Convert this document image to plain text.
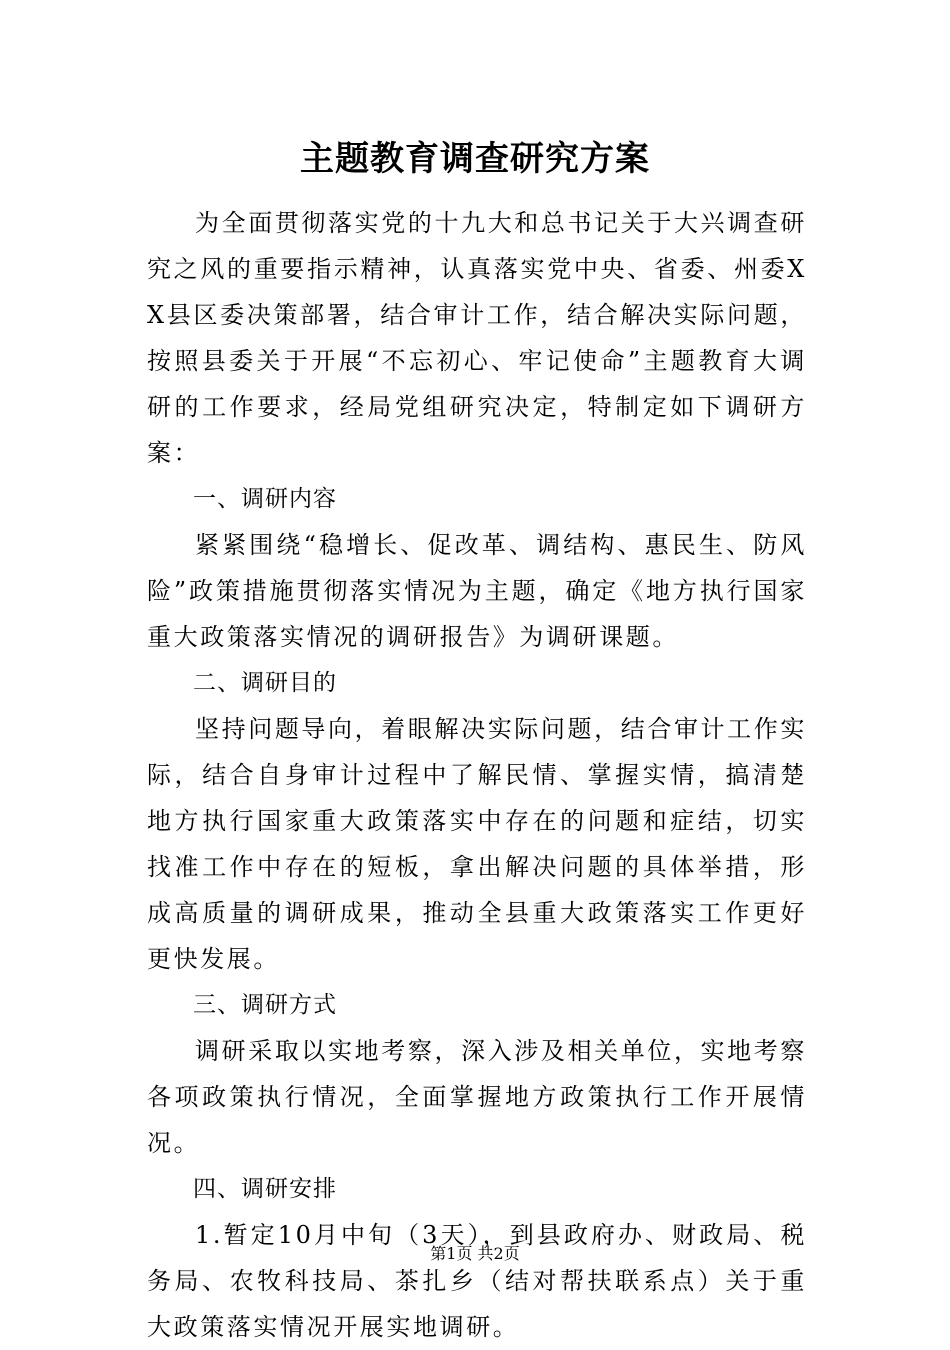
主题教育调查研究方案

为全面贯彻落实党的十九大和总书记关于大兴调查研究之风的重要指示精神，认真落实党中央、省委、州委XX县区委决策部署，结合审计工作，结合解决实际问题，按照县委关于开展“不忘初心、牢记使命”主题教育大调研的工作要求，经局党组研究决定，特制定如下调研方案：

一、调研内容

紧紧围绕“稳增长、促改革、调结构、惠民生、防风险”政策措施贯彻落实情况为主题，确定《地方执行国家重大政策落实情况的调研报告》为调研课题。

二、调研目的

坚持问题导向，着眼解决实际问题，结合审计工作实际，结合自身审计过程中了解民情、掌握实情，搞清楚地方执行国家重大政策落实中存在的问题和症结，切实找准工作中存在的短板，拿出解决问题的具体举措，形成高质量的调研成果，推动全县重大政策落实工作更好更快发展。

三、调研方式

调研采取以实地考察，深入涉及相关单位，实地考察各项政策执行情况，全面掌握地方政策执行工作开展情况。

四、调研安排

1.暂定10月中旬（3天），到县政府办、财政局、税务局、农牧科技局、茶扎乡（结对帮扶联系点）关于重大政策落实情况开展实地调研。

第1页 共2页
